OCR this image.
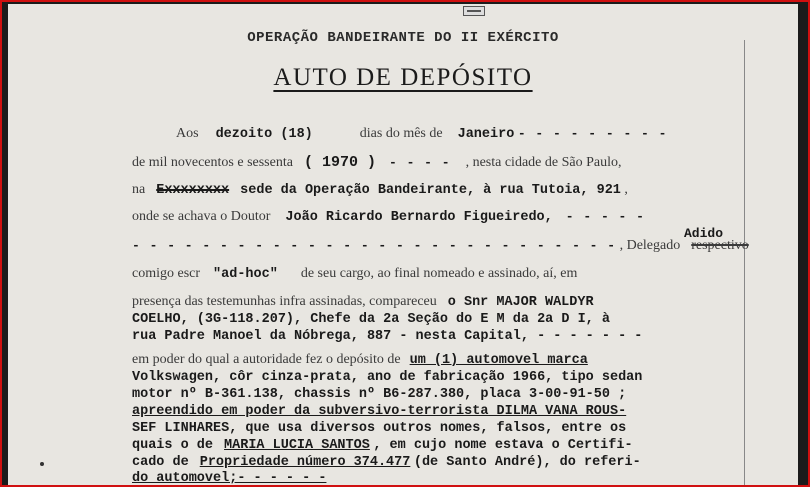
OPERAÇÃO BANDEIRANTE DO II EXÉRCITO
AUTO DE DEPÓSITO
Aos dezoito (18)	dias do mês de Janeiro - - - - - - - - -
de mil novecentos e sessenta ( 1970 ) - - - - , nesta cidade de São Paulo,
na Exxxxxxxx sede da Operação Bandeirante, à rua Tutoia, 921 ,
onde se achava o Doutor João Ricardo Bernardo Figueiredo, - - - - -
Adido
- - - - - - - - - - - - - - - - - - - - - - - - - - - - , Delegado respectivo
comigo escr "ad-hoc" de seu cargo, ao final nomeado e assinado, aí, em
presença das testemunhas infra assinadas, compareceu o Snr MAJOR WALDYR
COELHO, (3G-118.207), Chefe da 2a Seção do E M da 2a D I, à
rua Padre Manoel da Nóbrega, 887 - nesta Capital, - - - - - - -
em poder do qual a autoridade fez o depósito de um (1) automovel marca
Volkswagen, côr cinza-prata, ano de fabricação 1966, tipo sedan
motor nº B-361.138, chassis nº B6-287.380, placa 3-00-91-50 ;
apreendido em poder da subversivo-terrorista DILMA VANA ROUS-
SEF LINHARES, que usa diversos outros nomes, falsos, entre os
quais o de MARIA LUCIA SANTOS , em cujo nome estava o Certifi-
cado de Propriedade número 374.477 (de Santo André), do referi-
do automovel;- - - - - -
